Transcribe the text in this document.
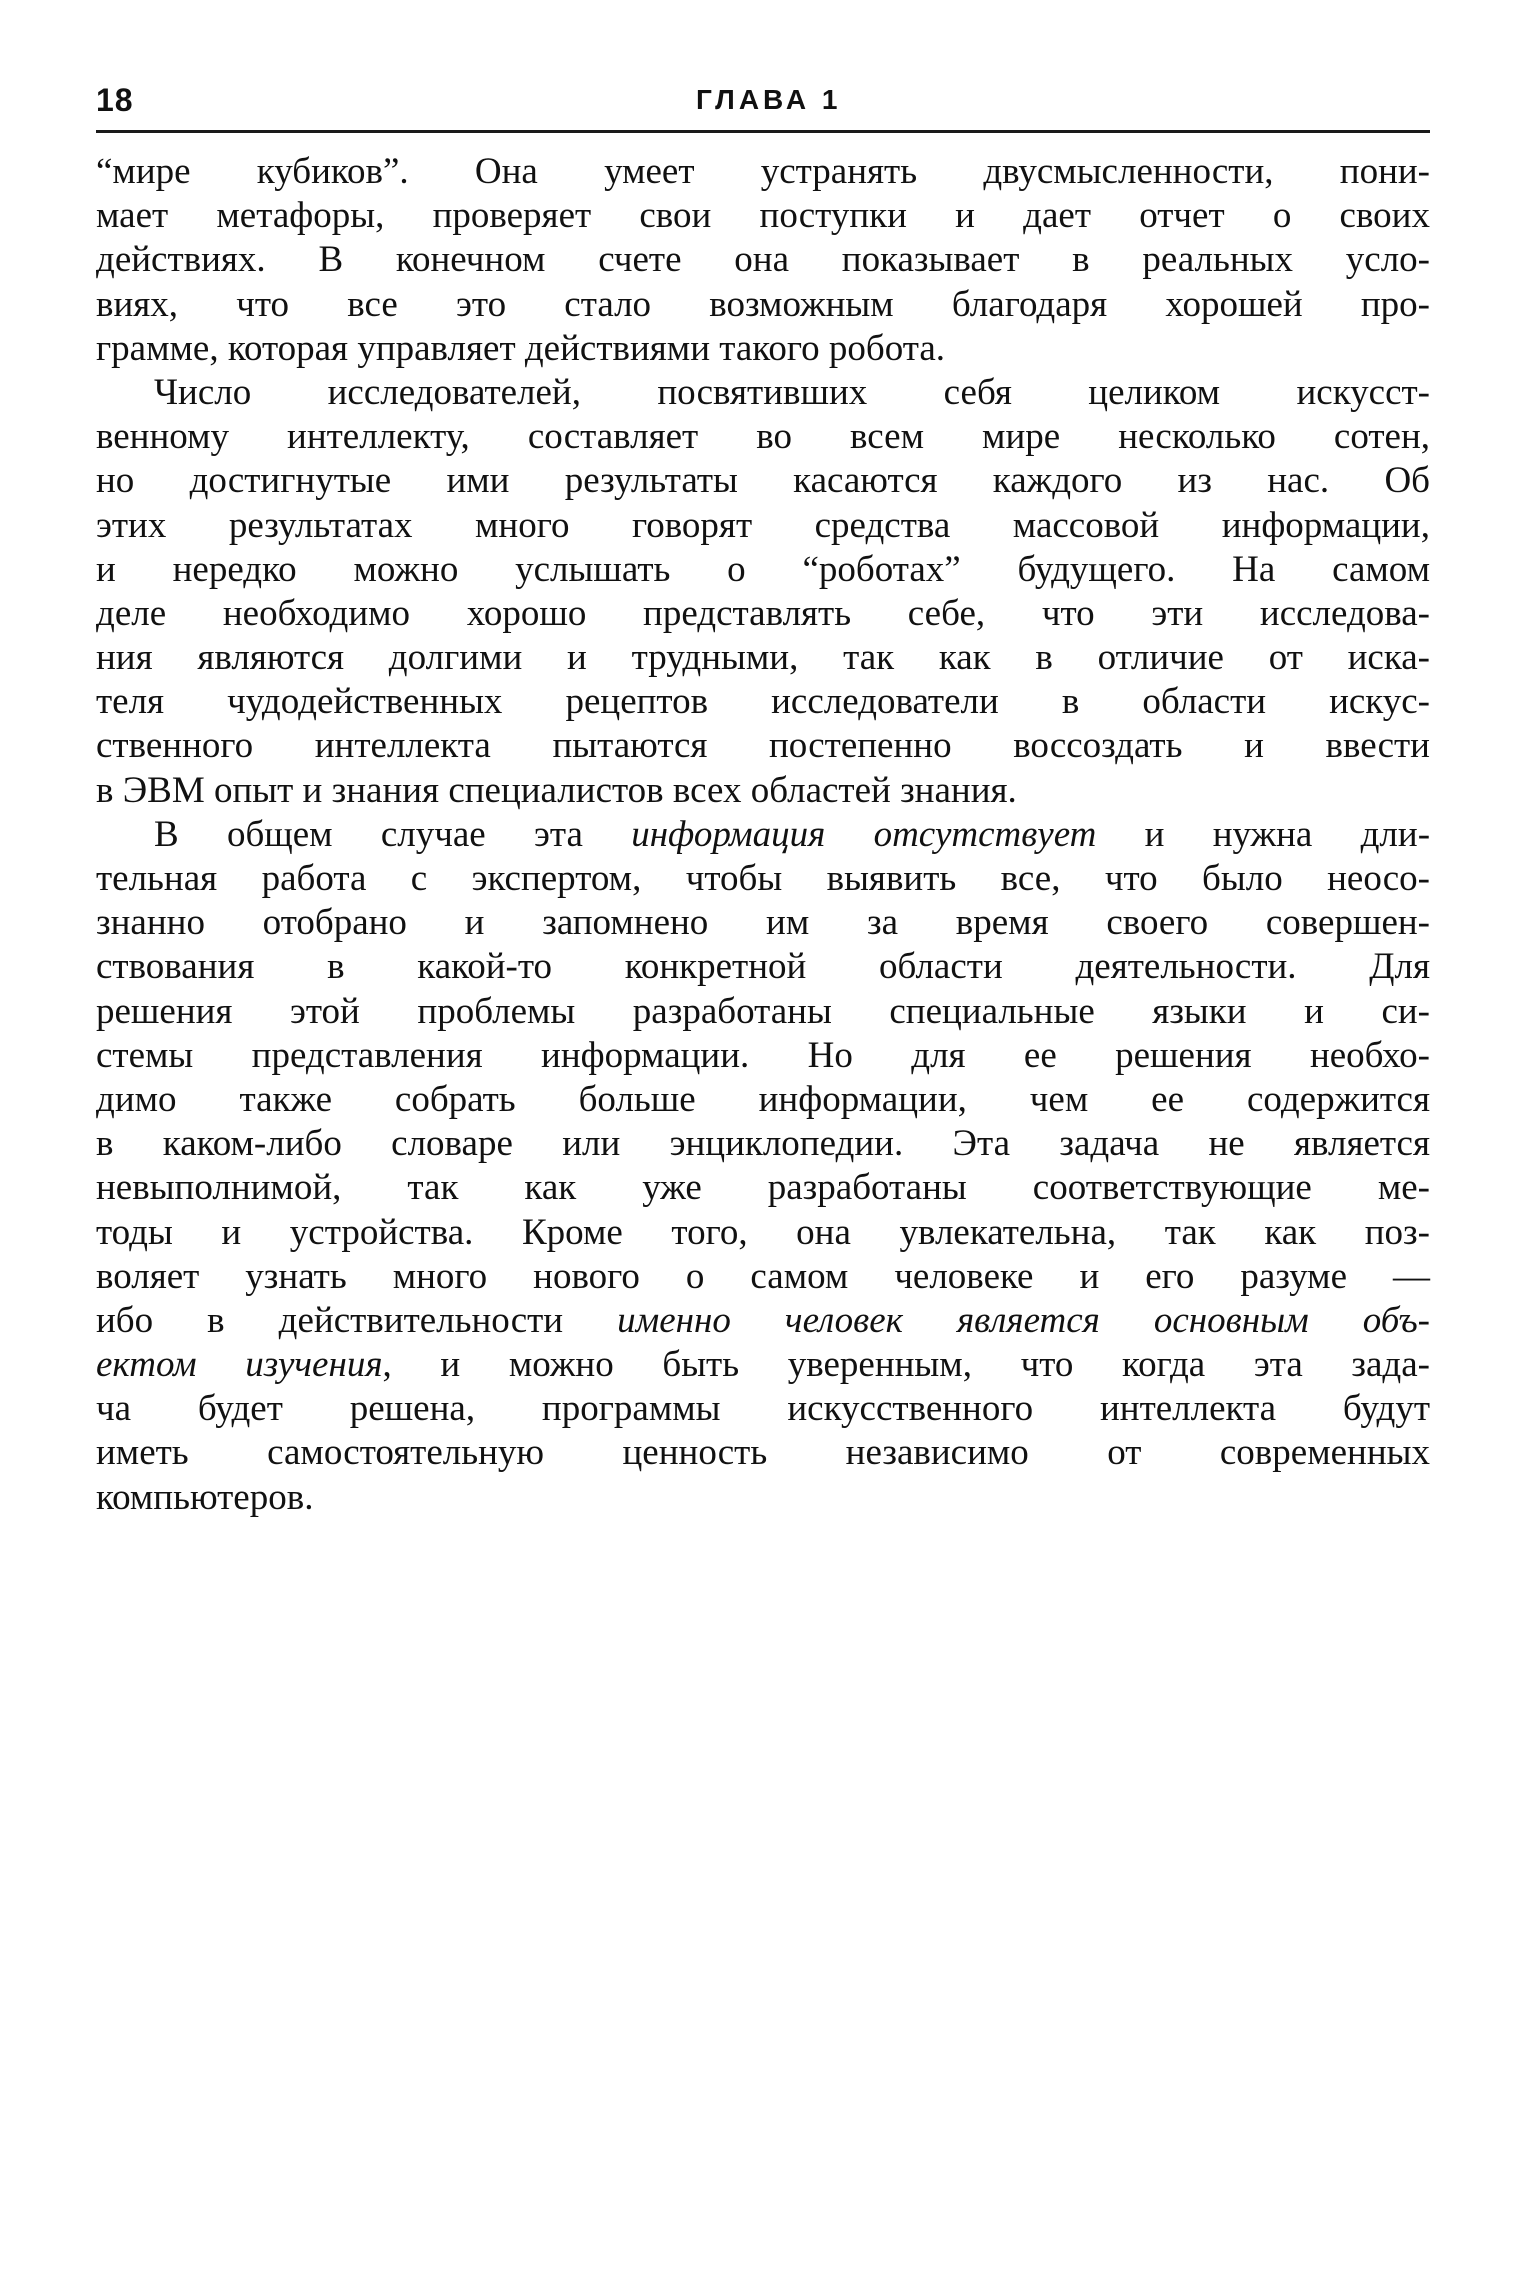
18	ГЛАВА 1
“мире кубиков”. Она умеет устранять двусмысленности, пони-
мает метафоры, проверяет свои поступки и дает отчет о своих
действиях. В конечном счете она показывает в реальных усло-
виях, что все это стало возможным благодаря хорошей про-
грамме, которая управляет действиями такого робота.
Число исследователей, посвятивших себя целиком искусст-
венному интеллекту, составляет во всем мире несколько сотен,
но достигнутые ими результаты касаются каждого из нас. Об
этих результатах много говорят средства массовой информации,
и нередко можно услышать о “роботах” будущего. На самом
деле необходимо хорошо представлять себе, что эти исследова-
ния являются долгими и трудными, так как в отличие от иска-
теля чудодейственных рецептов исследователи в области искус-
ственного интеллекта пытаются постепенно воссоздать и ввести
в ЭВМ опыт и знания специалистов всех областей знания.
В общем случае эта информация отсутствует и нужна дли-
тельная работа с экспертом, чтобы выявить все, что было неосо-
знанно отобрано и запомнено им за время своего совершен-
ствования в какой-то конкретной области деятельности. Для
решения этой проблемы разработаны специальные языки и си-
стемы представления информации. Но для ее решения необхо-
димо также собрать больше информации, чем ее содержится
в каком-либо словаре или энциклопедии. Эта задача не является
невыполнимой, так как уже разработаны соответствующие ме-
тоды и устройства. Кроме того, она увлекательна, так как поз-
воляет узнать много нового о самом человеке и его разуме —
ибо в действительности именно человек является основным объ-
ектом изучения, и можно быть уверенным, что когда эта зада-
ча будет решена, программы искусственного интеллекта будут
иметь самостоятельную ценность независимо от современных
компьютеров.
